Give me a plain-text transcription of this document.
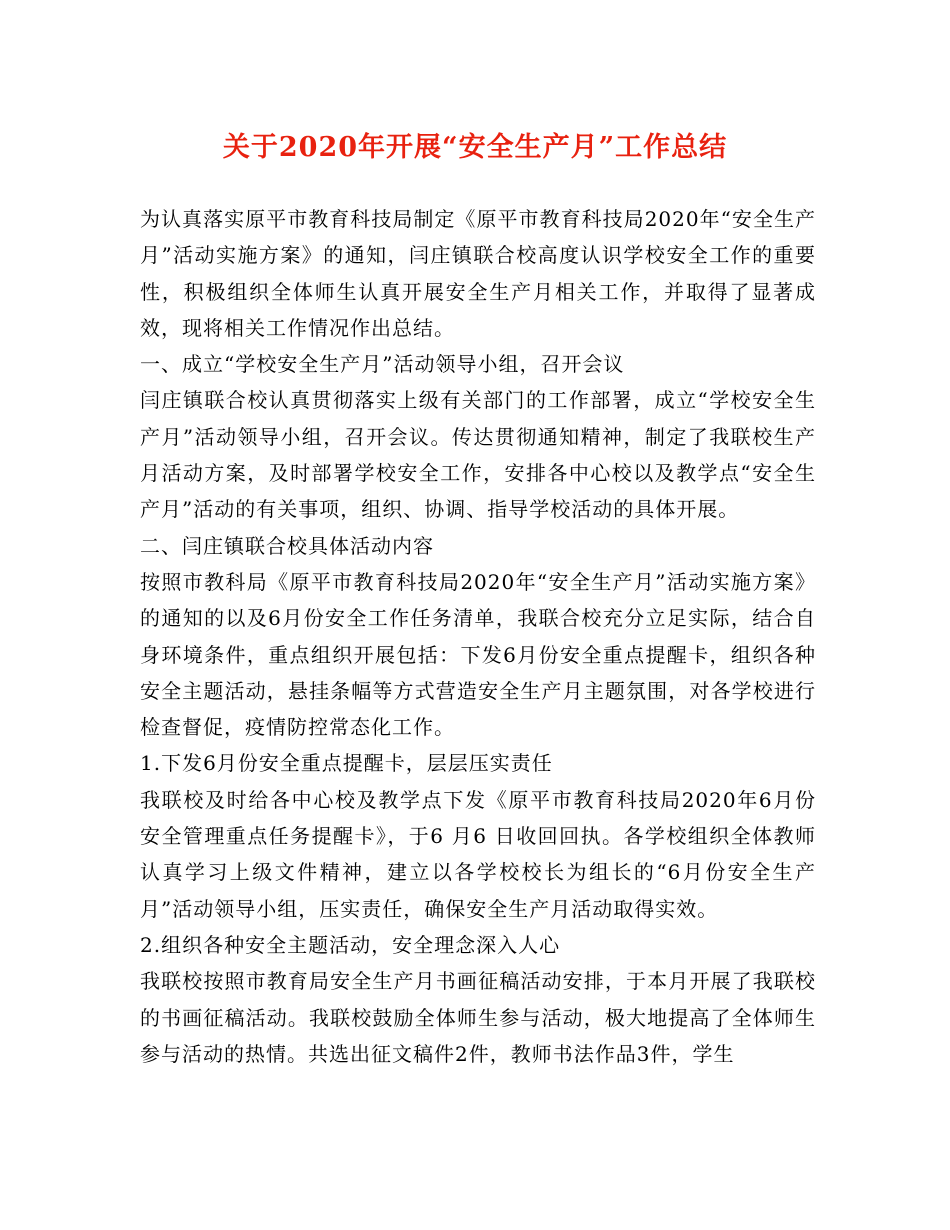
关于2020年开展“安全生产月”工作总结

为认真落实原平市教育科技局制定《原平市教育科技局2020年“安全生产月”活动实施方案》的通知，闫庄镇联合校高度认识学校安全工作的重要性，积极组织全体师生认真开展安全生产月相关工作，并取得了显著成效，现将相关工作情况作出总结。

一、成立“学校安全生产月”活动领导小组，召开会议

闫庄镇联合校认真贯彻落实上级有关部门的工作部署，成立“学校安全生产月”活动领导小组，召开会议。传达贯彻通知精神，制定了我联校生产月活动方案，及时部署学校安全工作，安排各中心校以及教学点“安全生产月”活动的有关事项，组织、协调、指导学校活动的具体开展。

二、闫庄镇联合校具体活动内容

按照市教科局《原平市教育科技局2020年“安全生产月”活动实施方案》的通知的以及6月份安全工作任务清单，我联合校充分立足实际，结合自身环境条件，重点组织开展包括：下发6月份安全重点提醒卡，组织各种安全主题活动，悬挂条幅等方式营造安全生产月主题氛围，对各学校进行检查督促，疫情防控常态化工作。

1.下发6月份安全重点提醒卡，层层压实责任

我联校及时给各中心校及教学点下发《原平市教育科技局2020年6月份安全管理重点任务提醒卡》，于6 月6 日收回回执。各学校组织全体教师认真学习上级文件精神，建立以各学校校长为组长的“6月份安全生产月”活动领导小组，压实责任，确保安全生产月活动取得实效。

2.组织各种安全主题活动，安全理念深入人心

我联校按照市教育局安全生产月书画征稿活动安排，于本月开展了我联校的书画征稿活动。我联校鼓励全体师生参与活动，极大地提高了全体师生参与活动的热情。共选出征文稿件2件，教师书法作品3件，学生
